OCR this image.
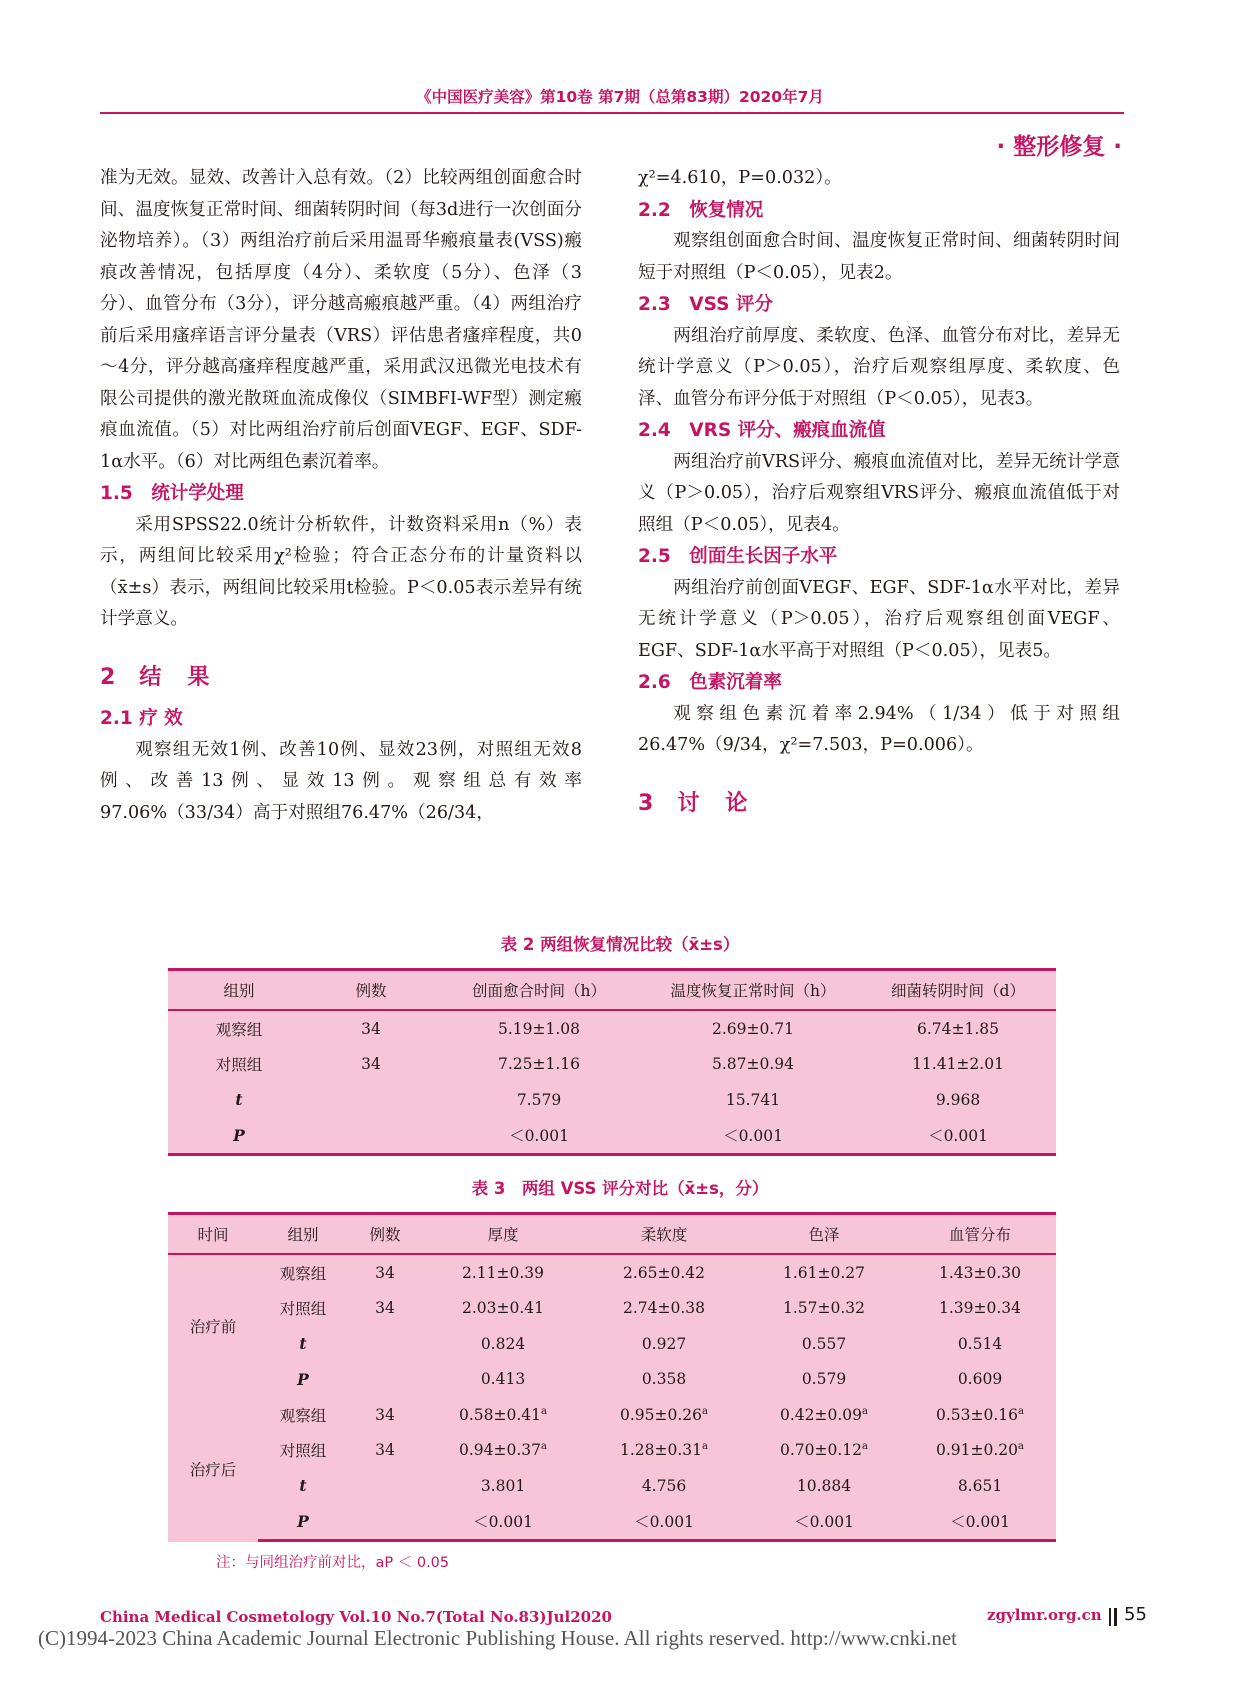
《中国医疗美容》第10卷 第7期（总第83期）2020年7月
· 整形修复 ·

准为无效。显效、改善计入总有效。（2）比较两组创面愈合时间、温度恢复正常时间、细菌转阴时间（每3d进行一次创面分泌物培养）。（3）两组治疗前后采用温哥华瘢痕量表(VSS)瘢痕改善情况，包括厚度（4分）、柔软度（5分）、色泽（3分）、血管分布（3分），评分越高瘢痕越严重。（4）两组治疗前后采用瘙痒语言评分量表（VRS）评估患者瘙痒程度，共0～4分，评分越高瘙痒程度越严重，采用武汉迅微光电技术有限公司提供的激光散斑血流成像仪（SIMBFI-WF型）测定瘢痕血流值。（5）对比两组治疗前后创面VEGF、EGF、SDF-1α水平。（6）对比两组色素沉着率。

1.5　统计学处理

采用SPSS22.0统计分析软件，计数资料采用n（%）表示，两组间比较采用χ²检验；符合正态分布的计量资料以（x̄±s）表示，两组间比较采用t检验。P＜0.05表示差异有统计学意义。

2 结　果
2.1 疗 效

观察组无效1例、改善10例、显效23例，对照组无效8例、改善13例、显效13例。观察组总有效率97.06%（33/34）高于对照组76.47%（26/34，

χ²=4.610，P=0.032）。

2.2　恢复情况

观察组创面愈合时间、温度恢复正常时间、细菌转阴时间短于对照组（P＜0.05），见表2。

2.3　VSS 评分

两组治疗前厚度、柔软度、色泽、血管分布对比，差异无统计学意义（P＞0.05），治疗后观察组厚度、柔软度、色泽、血管分布评分低于对照组（P＜0.05），见表3。

2.4　VRS 评分、瘢痕血流值

两组治疗前VRS评分、瘢痕血流值对比，差异无统计学意义（P＞0.05），治疗后观察组VRS评分、瘢痕血流值低于对照组（P＜0.05），见表4。

2.5　创面生长因子水平

两组治疗前创面VEGF、EGF、SDF-1α水平对比，差异无统计学意义（P＞0.05），治疗后观察组创面VEGF、EGF、SDF-1α水平高于对照组（P＜0.05），见表5。

2.6　色素沉着率

观察组色素沉着率2.94%（1/34）低于对照组26.47%（9/34，χ²=7.503，P=0.006）。

3 讨　论
表 2 两组恢复情况比较（x̄±s）
组别	例数	创面愈合时间（h）	温度恢复正常时间（h）	细菌转阴时间（d）
观察组	34	5.19±1.08	2.69±0.71	6.74±1.85
对照组	34	7.25±1.16	5.87±0.94	11.41±2.01
t		7.579	15.741	9.968
P		＜0.001	＜0.001	＜0.001
表 3　两组 VSS 评分对比（x̄±s，分）
时间	组别	例数	厚度	柔软度	色泽	血管分布
治疗前	观察组	34	2.11±0.39	2.65±0.42	1.61±0.27	1.43±0.30
	对照组	34	2.03±0.41	2.74±0.38	1.57±0.32	1.39±0.34
	t		0.824	0.927	0.557	0.514
	P		0.413	0.358	0.579	0.609
治疗后	观察组	34	0.58±0.41$^a$	0.95±0.26$^a$	0.42±0.09$^a$	0.53±0.16$^a$
	对照组	34	0.94±0.37$^a$	1.28±0.31$^a$	0.70±0.12$^a$	0.91±0.20$^a$
	t		3.801	4.756	10.884	8.651
	P		＜0.001	＜0.001	＜0.001	＜0.001
注：与同组治疗前对比，aP ＜ 0.05
China Medical Cosmetology Vol.10 No.7(Total No.83)Jul2020	zgylmr.org.cn 55
(C)1994-2023 China Academic Journal Electronic Publishing House. All rights reserved. http://www.cnki.net
